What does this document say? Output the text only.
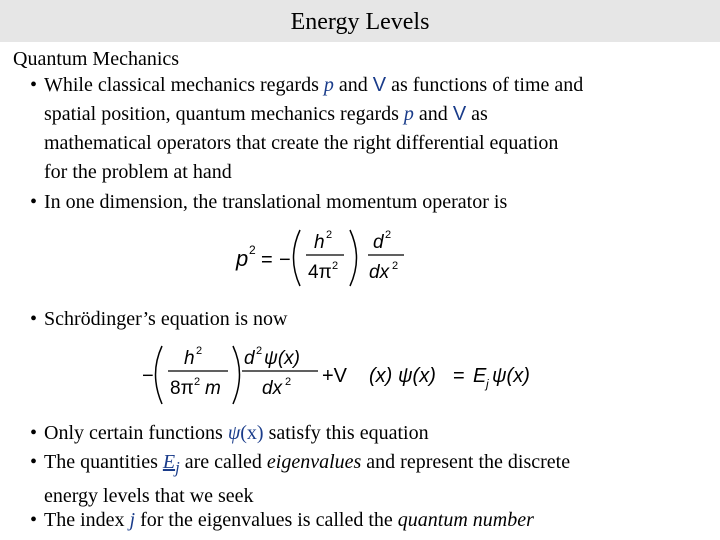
Energy Levels
Quantum Mechanics
• While classical mechanics regards p and V as functions of time and
spatial position, quantum mechanics regards p and V as
mathematical operators that create the right differential equation
for the problem at hand
• In one dimension, the translational momentum operator is
p 2 = −
h 2
4π 2
d 2
dx 2
• Schrödinger’s equation is now
−
h 2
8π 2 m
d 2 ψ(x)
dx 2 +V (x) ψ(x) = E j ψ(x)
• Only certain functions ψ(x) satisfy this equation
• The quantities $E_j$ are called eigenvalues and represent the discrete
energy levels that we seek
• The index j for the eigenvalues is called the quantum number
